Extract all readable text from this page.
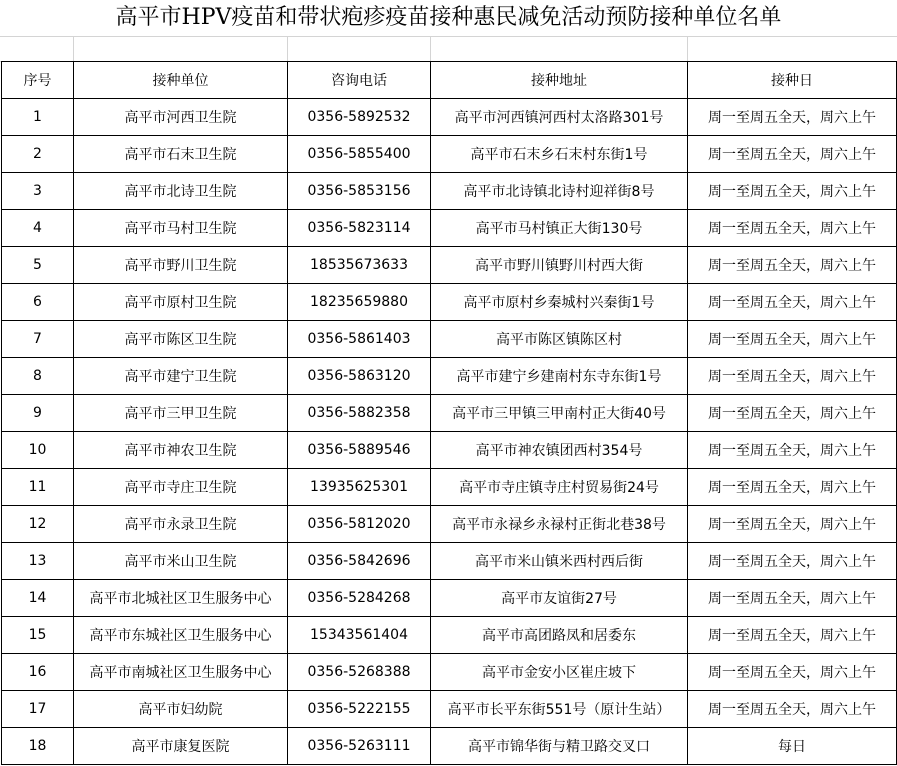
高平市HPV疫苗和带状疱疹疫苗接种惠民减免活动预防接种单位名单
序号	接种单位	咨询电话	接种地址	接种日
1	高平市河西卫生院	0356-5892532	高平市河西镇河西村太洛路301号	周一至周五全天，周六上午
2	高平市石末卫生院	0356-5855400	高平市石末乡石末村东街1号	周一至周五全天，周六上午
3	高平市北诗卫生院	0356-5853156	高平市北诗镇北诗村迎祥街8号	周一至周五全天，周六上午
4	高平市马村卫生院	0356-5823114	高平市马村镇正大街130号	周一至周五全天，周六上午
5	高平市野川卫生院	18535673633	高平市野川镇野川村西大街	周一至周五全天，周六上午
6	高平市原村卫生院	18235659880	高平市原村乡秦城村兴秦街1号	周一至周五全天，周六上午
7	高平市陈区卫生院	0356-5861403	高平市陈区镇陈区村	周一至周五全天，周六上午
8	高平市建宁卫生院	0356-5863120	高平市建宁乡建南村东寺东街1号	周一至周五全天，周六上午
9	高平市三甲卫生院	0356-5882358	高平市三甲镇三甲南村正大街40号	周一至周五全天，周六上午
10	高平市神农卫生院	0356-5889546	高平市神农镇团西村354号	周一至周五全天，周六上午
11	高平市寺庄卫生院	13935625301	高平市寺庄镇寺庄村贸易街24号	周一至周五全天，周六上午
12	高平市永录卫生院	0356-5812020	高平市永禄乡永禄村正街北巷38号	周一至周五全天，周六上午
13	高平市米山卫生院	0356-5842696	高平市米山镇米西村西后街	周一至周五全天，周六上午
14	高平市北城社区卫生服务中心	0356-5284268	高平市友谊街27号	周一至周五全天，周六上午
15	高平市东城社区卫生服务中心	15343561404	高平市高团路凤和居委东	周一至周五全天，周六上午
16	高平市南城社区卫生服务中心	0356-5268388	高平市金安小区崔庄坡下	周一至周五全天，周六上午
17	高平市妇幼院	0356-5222155	高平市长平东街551号（原计生站）	周一至周五全天，周六上午
18	高平市康复医院	0356-5263111	高平市锦华街与精卫路交叉口	每日
